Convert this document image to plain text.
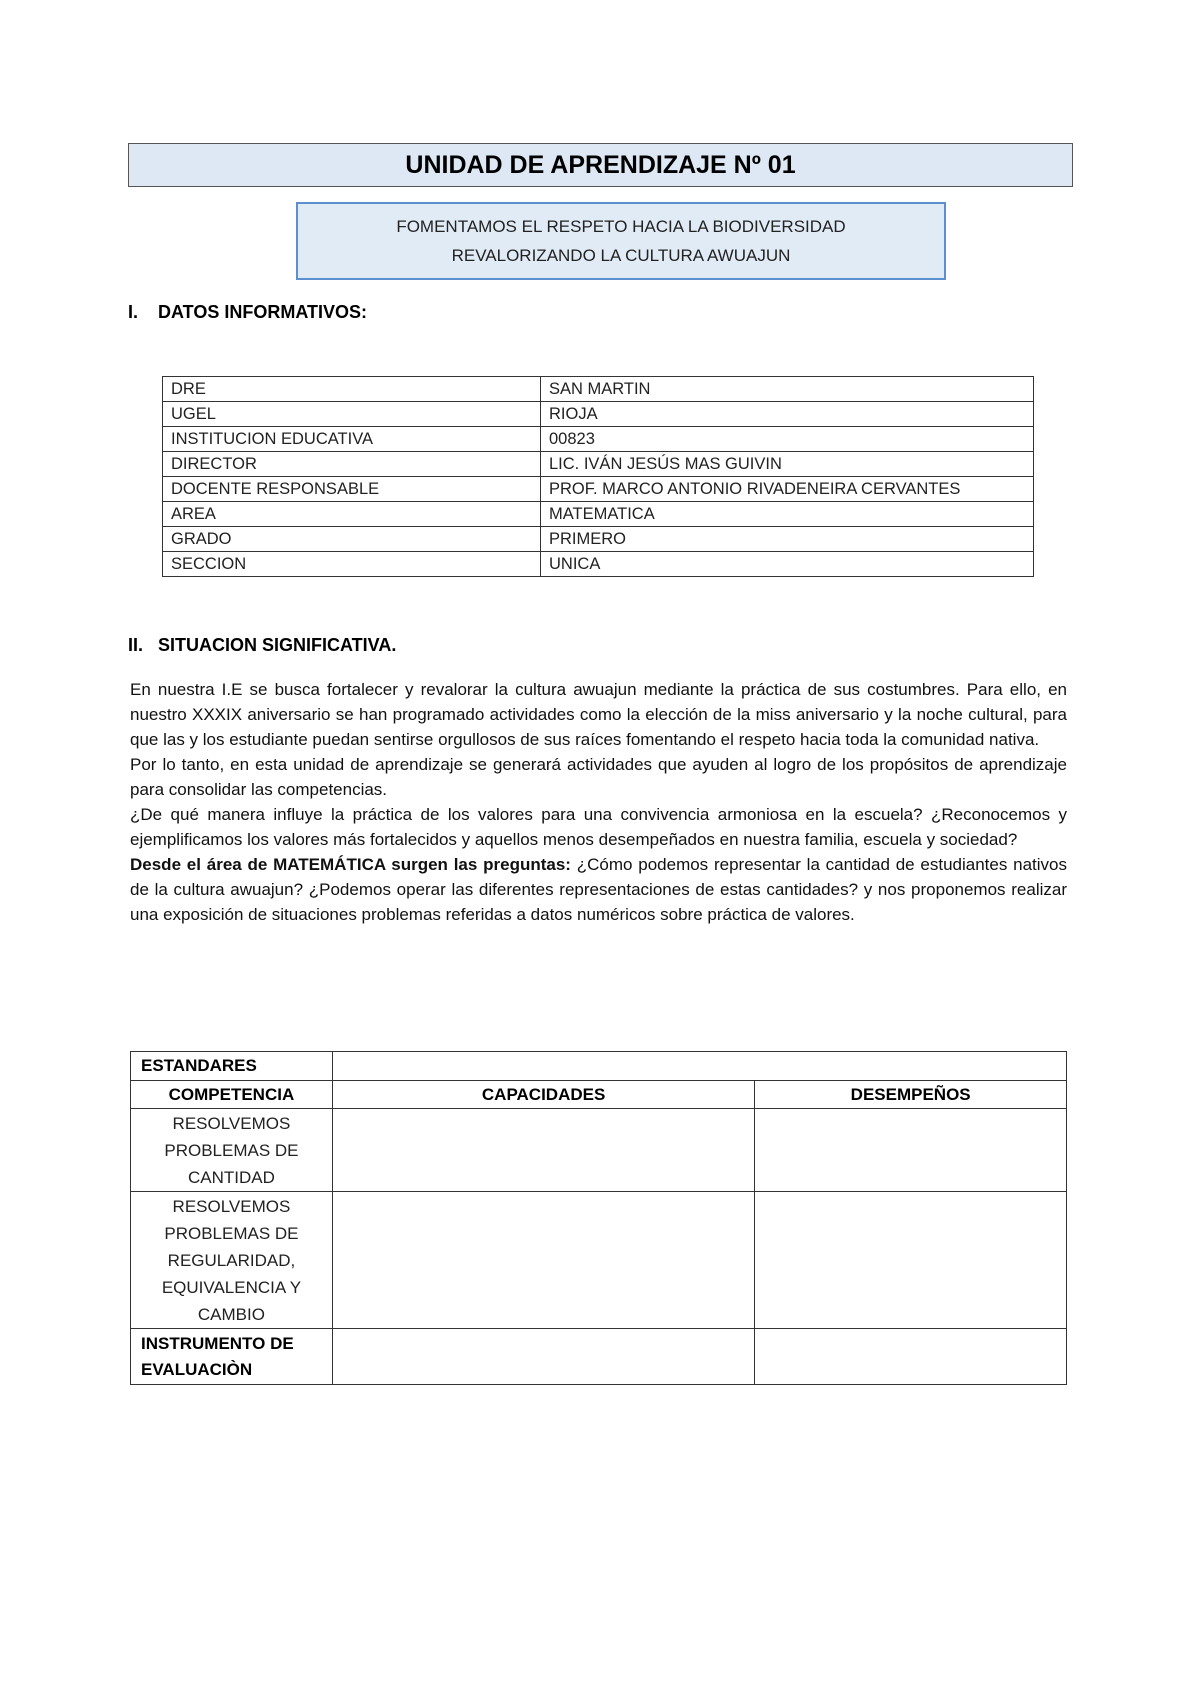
UNIDAD DE APRENDIZAJE Nº 01
FOMENTAMOS EL RESPETO HACIA LA BIODIVERSIDAD
REVALORIZANDO LA CULTURA AWUAJUN
I. DATOS INFORMATIVOS:
DRE	SAN MARTIN
UGEL	RIOJA
INSTITUCION EDUCATIVA	00823
DIRECTOR	LIC. IVÁN JESÚS MAS GUIVIN
DOCENTE RESPONSABLE	PROF. MARCO ANTONIO RIVADENEIRA CERVANTES
AREA	MATEMATICA
GRADO	PRIMERO
SECCION	UNICA
II. SITUACION SIGNIFICATIVA.

En nuestra I.E se busca fortalecer y revalorar la cultura awuajun mediante la práctica de sus costumbres. Para ello, en nuestro XXXIX aniversario se han programado actividades como la elección de la miss aniversario y la noche cultural, para que las y los estudiante puedan sentirse orgullosos de sus raíces fomentando el respeto hacia toda la comunidad nativa.

Por lo tanto, en esta unidad de aprendizaje se generará actividades que ayuden al logro de los propósitos de aprendizaje para consolidar las competencias.

¿De qué manera influye la práctica de los valores para una convivencia armoniosa en la escuela? ¿Reconocemos y ejemplificamos los valores más fortalecidos y aquellos menos desempeñados en nuestra familia, escuela y sociedad?

Desde el área de MATEMÁTICA surgen las preguntas: ¿Cómo podemos representar la cantidad de estudiantes nativos de la cultura awuajun? ¿Podemos operar las diferentes representaciones de estas cantidades? y nos proponemos realizar una exposición de situaciones problemas referidas a datos numéricos sobre práctica de valores.

ESTANDARES		
COMPETENCIA	CAPACIDADES	DESEMPEÑOS

RESOLVEMOS
PROBLEMAS DE
CANTIDAD		

RESOLVEMOS
PROBLEMAS DE
REGULARIDAD,
EQUIVALENCIA Y
CAMBIO		

INSTRUMENTO DE
EVALUACIÒN		
